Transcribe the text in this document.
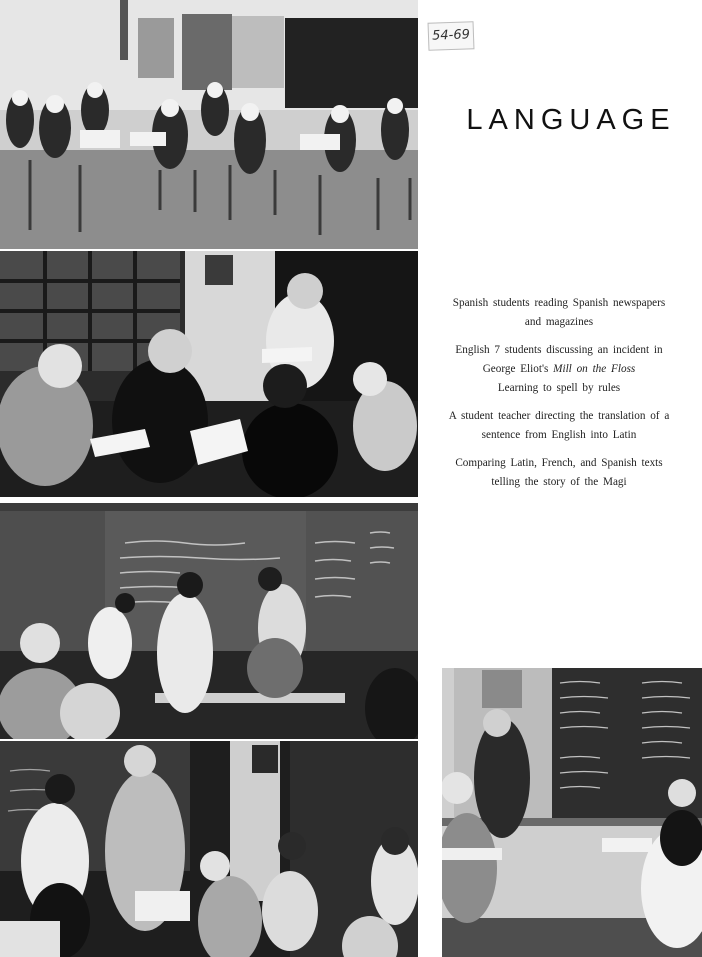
54-69
LANGUAGE

Spanish students reading Spanish newspapers
and magazines

English 7 students discussing an incident in
George Eliot's Mill on the Floss
Learning to spell by rules

A student teacher directing the translation of a
sentence from English into Latin

Comparing Latin, French, and Spanish texts
telling the story of the Magi
